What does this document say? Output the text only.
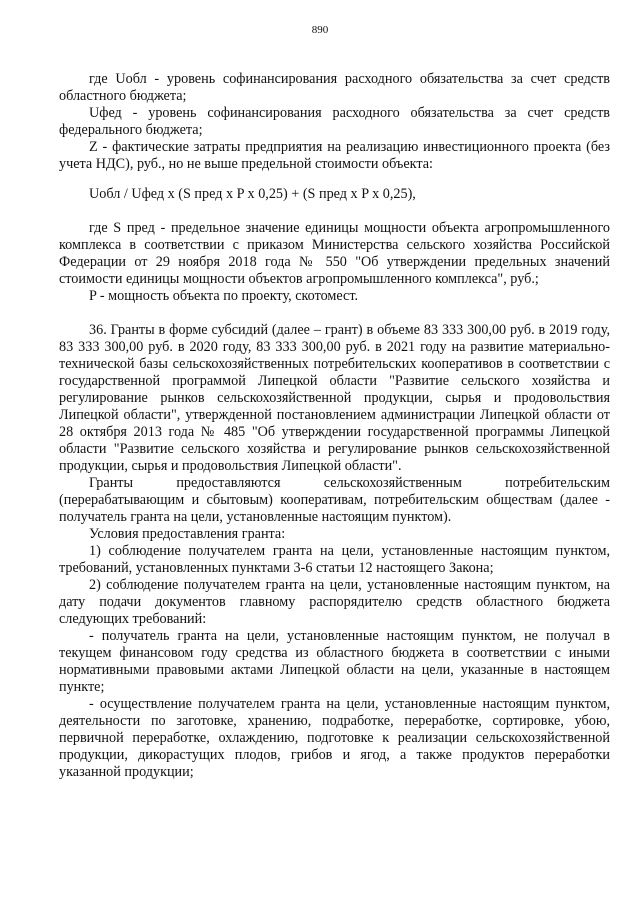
890

где Uобл - уровень софинансирования расходного обязательства за счет средств областного бюджета;

Uфед - уровень софинансирования расходного обязательства за счет средств федерального бюджета;

Z - фактические затраты предприятия на реализацию инвестиционного проекта (без учета НДС), руб., но не выше предельной стоимости объекта:

Uобл / Uфед x (S пред x P x 0,25) + (S пред x P x 0,25),

где S пред - предельное значение единицы мощности объекта агропромышленного комплекса в соответствии с приказом Министерства сельского хозяйства Российской Федерации от 29 ноября 2018 года № 550 "Об утверждении предельных значений стоимости единицы мощности объектов агропромышленного комплекса", руб.;

P - мощность объекта по проекту, скотомест.

36. Гранты в форме субсидий (далее – грант) в объеме 83 333 300,00 руб. в 2019 году, 83 333 300,00 руб. в 2020 году, 83 333 300,00 руб. в 2021 году на развитие материально-технической базы сельскохозяйственных потребительских кооперативов в соответствии с государственной программой Липецкой области "Развитие сельского хозяйства и регулирование рынков сельскохозяйственной продукции, сырья и продовольствия Липецкой области", утвержденной постановлением администрации Липецкой области от 28 октября 2013 года № 485 "Об утверждении государственной программы Липецкой области "Развитие сельского хозяйства и регулирование рынков сельскохозяйственной продукции, сырья и продовольствия Липецкой области".

Гранты предоставляются сельскохозяйственным потребительским (перерабатывающим и сбытовым) кооперативам, потребительским обществам (далее - получатель гранта на цели, установленные настоящим пунктом).

Условия предоставления гранта:

1) соблюдение получателем гранта на цели, установленные настоящим пунктом, требований, установленных пунктами 3-6 статьи 12 настоящего Закона;

2) соблюдение получателем гранта на цели, установленные настоящим пунктом, на дату подачи документов главному распорядителю средств областного бюджета следующих требований:

- получатель гранта на цели, установленные настоящим пунктом, не получал в текущем финансовом году средства из областного бюджета в соответствии с иными нормативными правовыми актами Липецкой области на цели, указанные в настоящем пункте;

- осуществление получателем гранта на цели, установленные настоящим пунктом, деятельности по заготовке, хранению, подработке, переработке, сортировке, убою, первичной переработке, охлаждению, подготовке к реализации сельскохозяйственной продукции, дикорастущих плодов, грибов и ягод, а также продуктов переработки указанной продукции;
